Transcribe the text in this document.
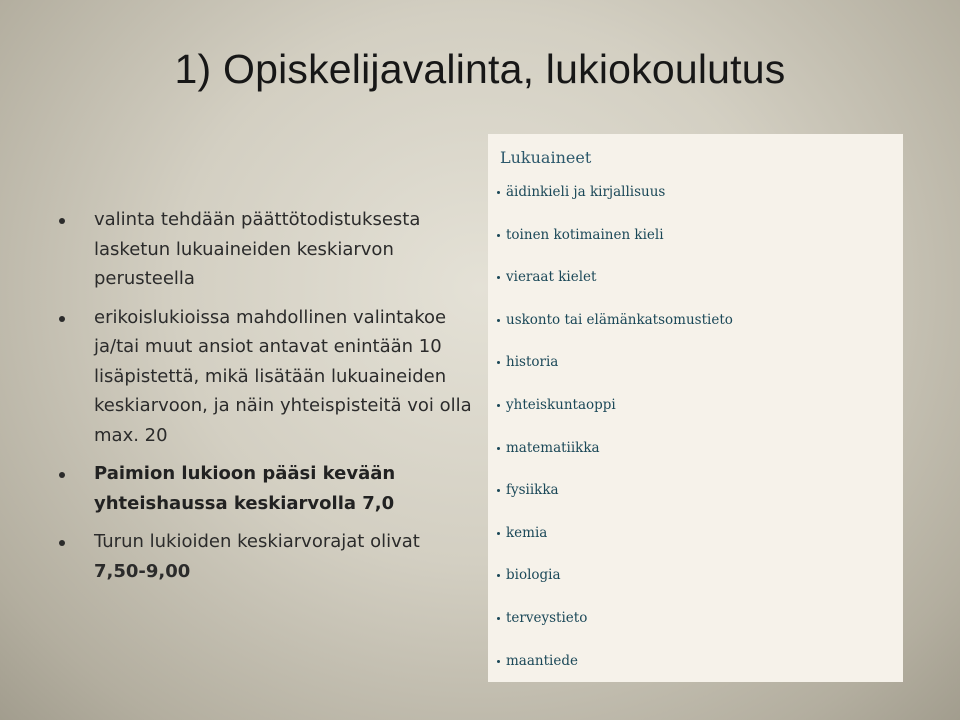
1) Opiskelijavalinta, lukiokoulutus
valinta tehdään päättötodistuksesta lasketun lukuaineiden keskiarvon perusteella
erikoislukioissa mahdollinen valintakoe ja/tai muut ansiot antavat enintään 10 lisäpistettä, mikä lisätään lukuaineiden keskiarvoon, ja näin yhteispisteitä voi olla max. 20
Paimion lukioon pääsi kevään yhteishaussa keskiarvolla 7,0
Turun lukioiden keskiarvorajat olivat 7,50-9,00
Lukuaineet
äidinkieli ja kirjallisuus
toinen kotimainen kieli
vieraat kielet
uskonto tai elämänkatsomustieto
historia
yhteiskuntaoppi
matematiikka
fysiikka
kemia
biologia
terveystieto
maantiede
